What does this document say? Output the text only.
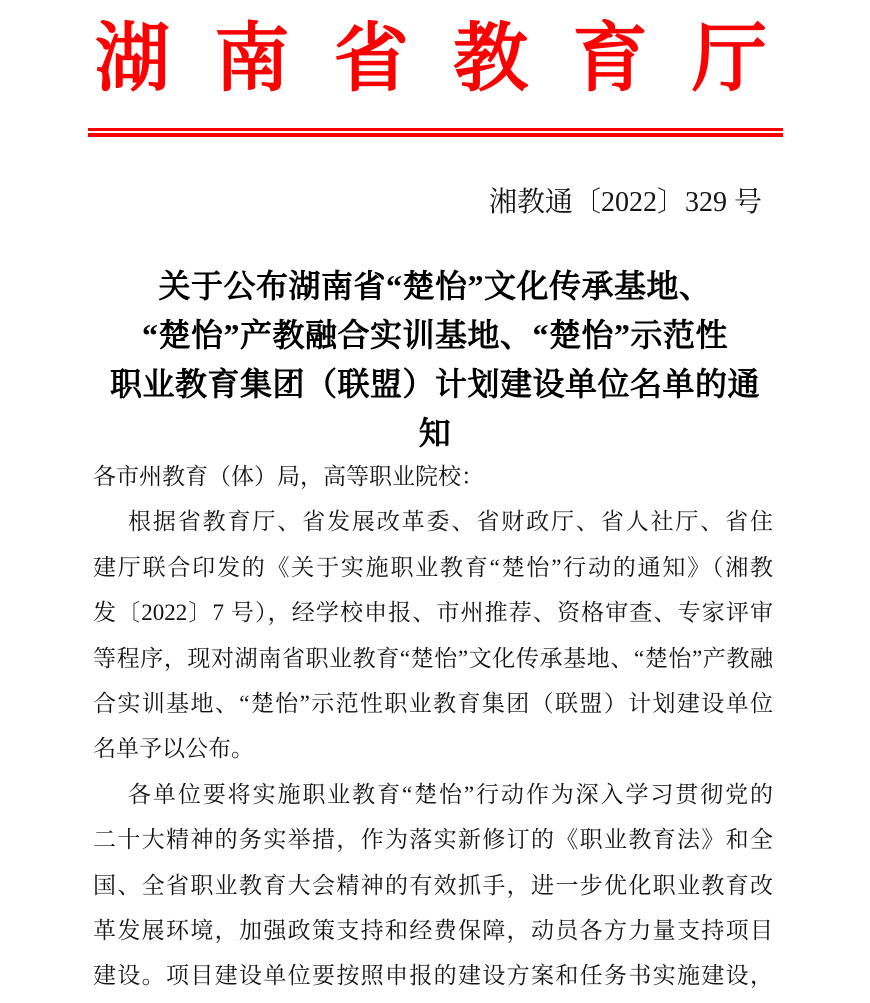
湖 南 省 教 育 厅
湘教通〔2022〕329 号
关于公布湖南省“楚怡”文化传承基地、
“楚怡”产教融合实训基地、“楚怡”示范性
职业教育集团（联盟）计划建设单位名单的通知
各市州教育（体）局，高等职业院校：
根据省教育厅、省发展改革委、省财政厅、省人社厅、省住
建厅联合印发的《关于实施职业教育“楚怡”行动的通知》（湘教
发〔2022〕7 号），经学校申报、市州推荐、资格审查、专家评审
等程序，现对湖南省职业教育“楚怡”文化传承基地、“楚怡”产教融
合实训基地、“楚怡”示范性职业教育集团（联盟）计划建设单位
名单予以公布。
各单位要将实施职业教育“楚怡”行动作为深入学习贯彻党的
二十大精神的务实举措，作为落实新修订的《职业教育法》和全
国、全省职业教育大会精神的有效抓手，进一步优化职业教育改
革发展环境，加强政策支持和经费保障，动员各方力量支持项目
建设。项目建设单位要按照申报的建设方案和任务书实施建设，
